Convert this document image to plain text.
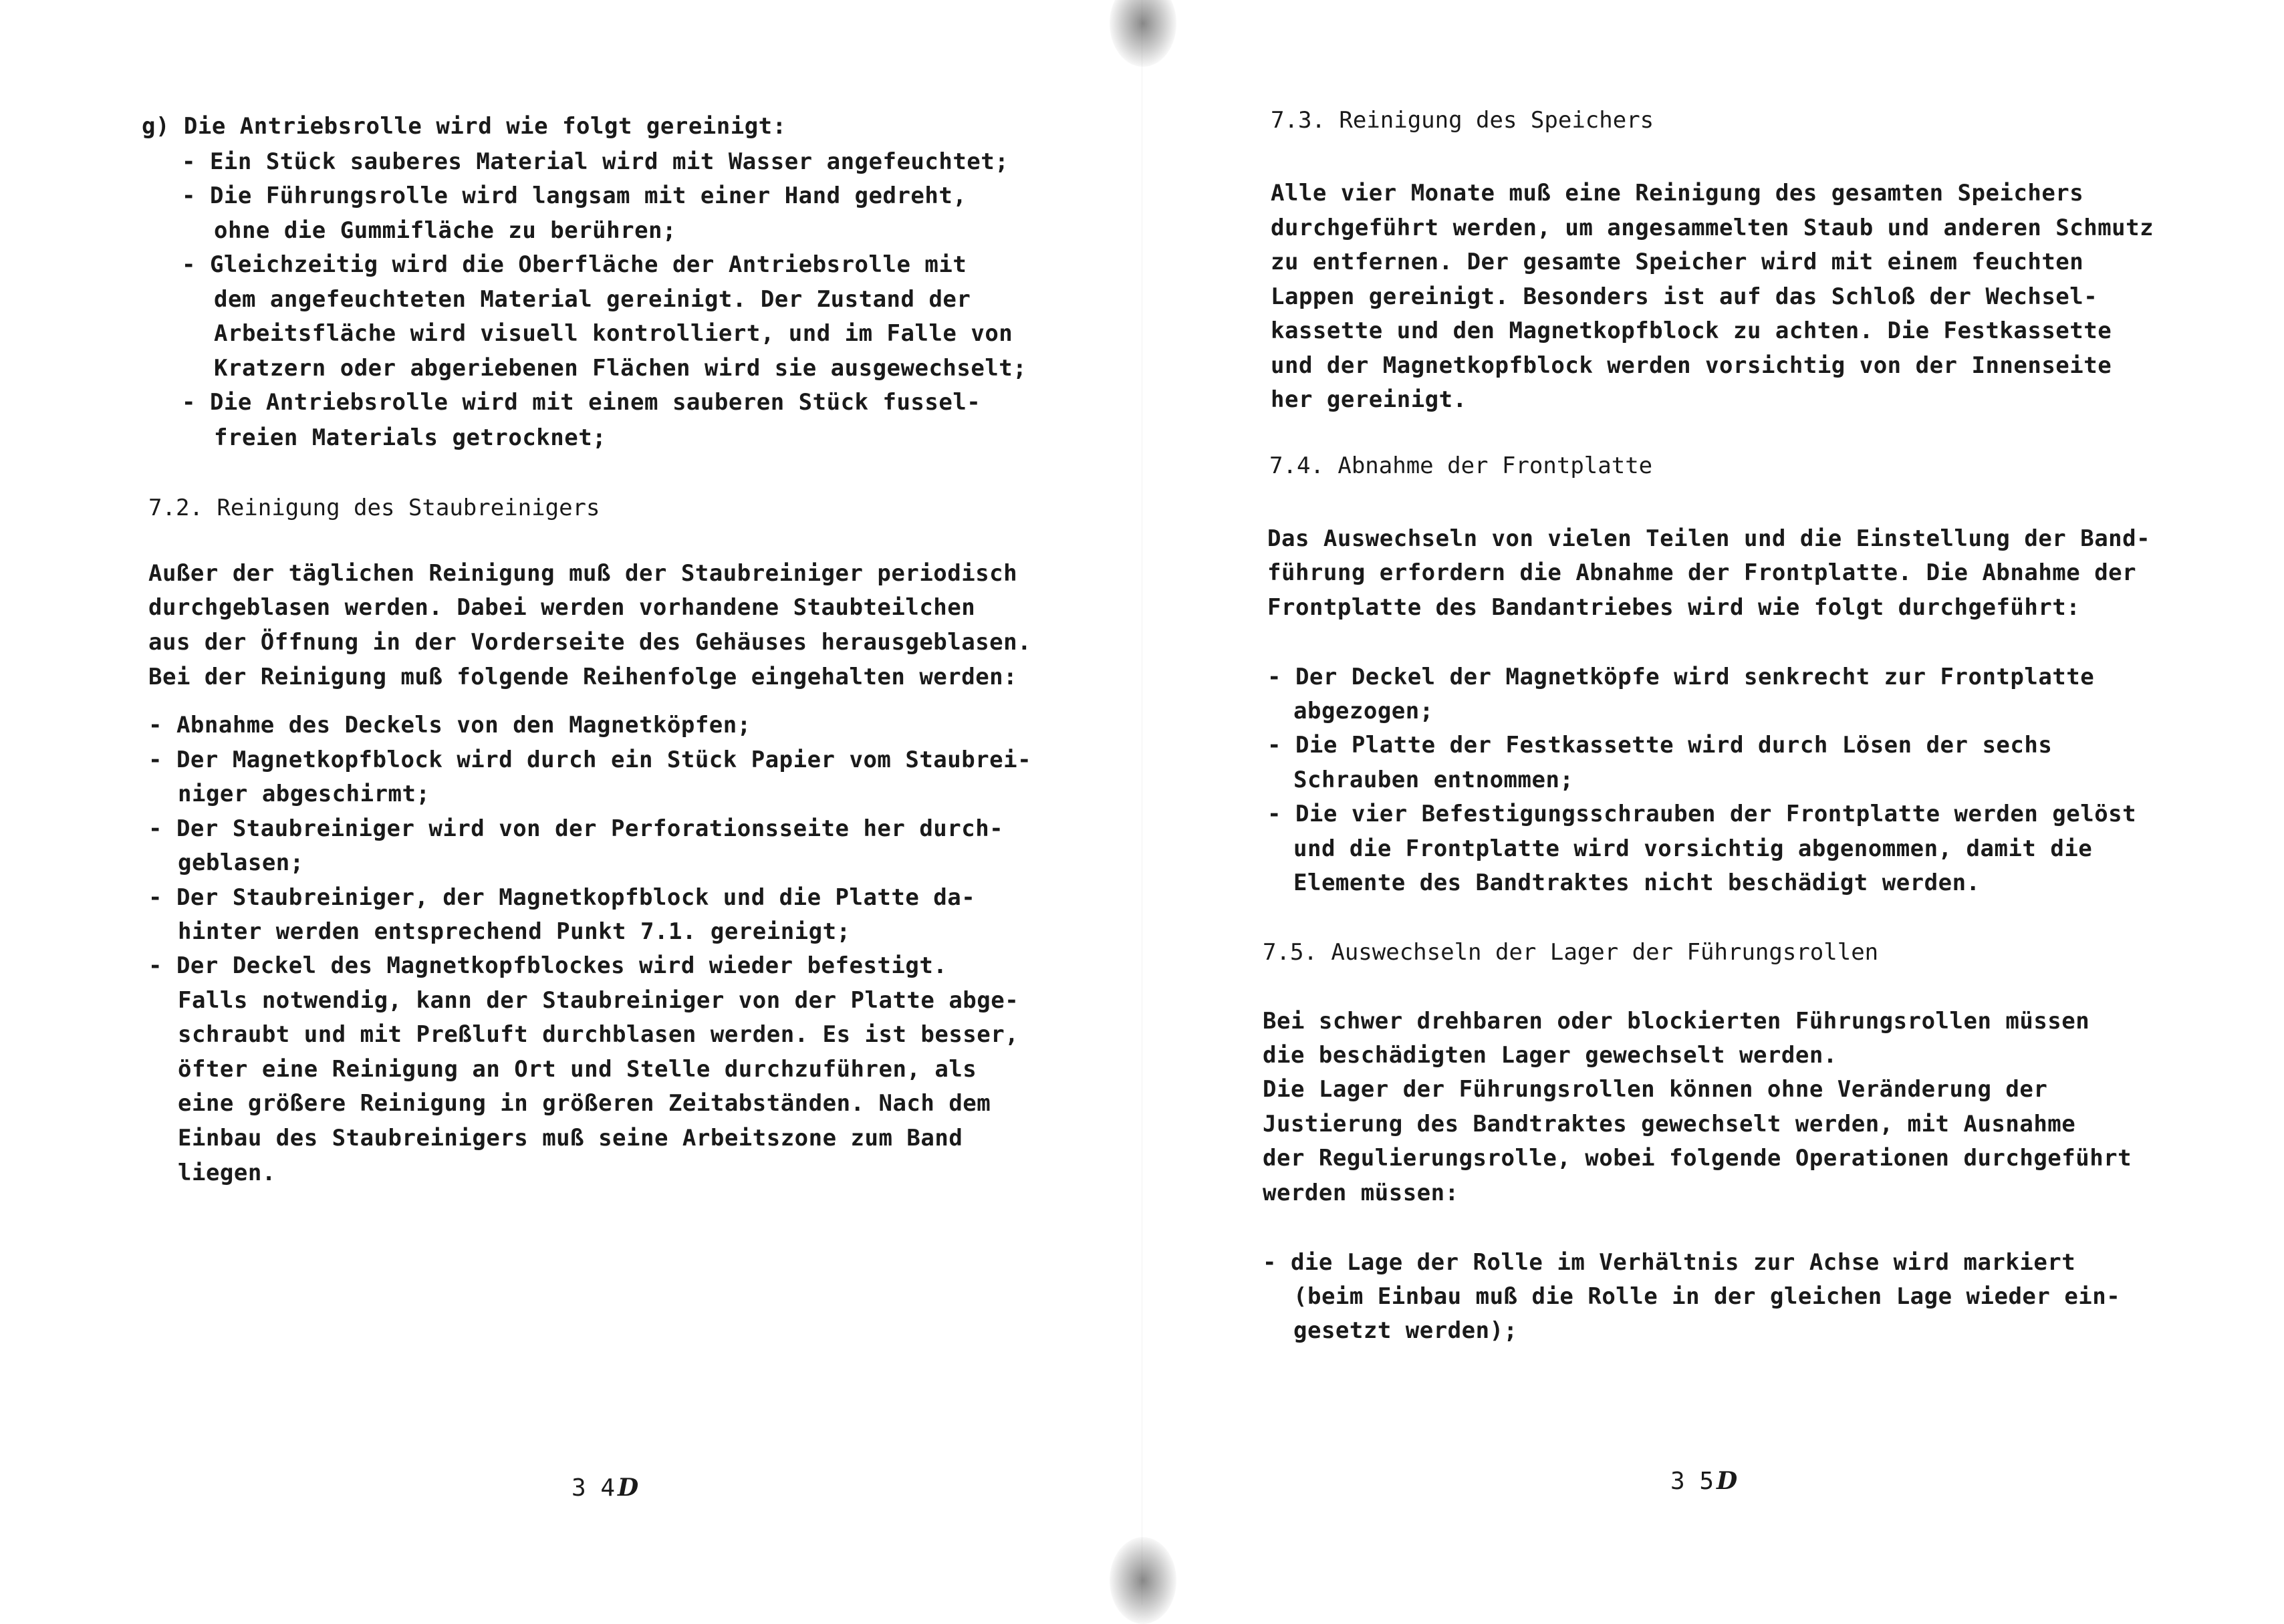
g) Die Antriebsrolle wird wie folgt gereinigt:
- Ein Stück sauberes Material wird mit Wasser angefeuchtet;
- Die Führungsrolle wird langsam mit einer Hand gedreht,
ohne die Gummifläche zu berühren;
- Gleichzeitig wird die Oberfläche der Antriebsrolle mit
dem angefeuchteten Material gereinigt. Der Zustand der
Arbeitsfläche wird visuell kontrolliert, und im Falle von
Kratzern oder abgeriebenen Flächen wird sie ausgewechselt;
- Die Antriebsrolle wird mit einem sauberen Stück fussel-
freien Materials getrocknet;
7.2. Reinigung des Staubreinigers
Außer der täglichen Reinigung muß der Staubreiniger periodisch
durchgeblasen werden. Dabei werden vorhandene Staubteilchen
aus der Öffnung in der Vorderseite des Gehäuses herausgeblasen.
Bei der Reinigung muß folgende Reihenfolge eingehalten werden:
- Abnahme des Deckels von den Magnetköpfen;
- Der Magnetkopfblock wird durch ein Stück Papier vom Staubrei-
niger abgeschirmt;
- Der Staubreiniger wird von der Perforationsseite her durch-
geblasen;
- Der Staubreiniger, der Magnetkopfblock und die Platte da-
hinter werden entsprechend Punkt 7.1. gereinigt;
- Der Deckel des Magnetkopfblockes wird wieder befestigt.
Falls notwendig, kann der Staubreiniger von der Platte abge-
schraubt und mit Preßluft durchblasen werden. Es ist besser,
öfter eine Reinigung an Ort und Stelle durchzuführen, als
eine größere Reinigung in größeren Zeitabständen. Nach dem
Einbau des Staubreinigers muß seine Arbeitszone zum Band
liegen.
3 4 D
7.3. Reinigung des Speichers
Alle vier Monate muß eine Reinigung des gesamten Speichers
durchgeführt werden, um angesammelten Staub und anderen Schmutz
zu entfernen. Der gesamte Speicher wird mit einem feuchten
Lappen gereinigt. Besonders ist auf das Schloß der Wechsel-
kassette und den Magnetkopfblock zu achten. Die Festkassette
und der Magnetkopfblock werden vorsichtig von der Innenseite
her gereinigt.
7.4. Abnahme der Frontplatte
Das Auswechseln von vielen Teilen und die Einstellung der Band-
führung erfordern die Abnahme der Frontplatte. Die Abnahme der
Frontplatte des Bandantriebes wird wie folgt durchgeführt:
- Der Deckel der Magnetköpfe wird senkrecht zur Frontplatte
abgezogen;
- Die Platte der Festkassette wird durch Lösen der sechs
Schrauben entnommen;
- Die vier Befestigungsschrauben der Frontplatte werden gelöst
und die Frontplatte wird vorsichtig abgenommen, damit die
Elemente des Bandtraktes nicht beschädigt werden.
7.5. Auswechseln der Lager der Führungsrollen
Bei schwer drehbaren oder blockierten Führungsrollen müssen
die beschädigten Lager gewechselt werden.
Die Lager der Führungsrollen können ohne Veränderung der
Justierung des Bandtraktes gewechselt werden, mit Ausnahme
der Regulierungsrolle, wobei folgende Operationen durchgeführt
werden müssen:
- die Lage der Rolle im Verhältnis zur Achse wird markiert
(beim Einbau muß die Rolle in der gleichen Lage wieder ein-
gesetzt werden);
3 5 D
